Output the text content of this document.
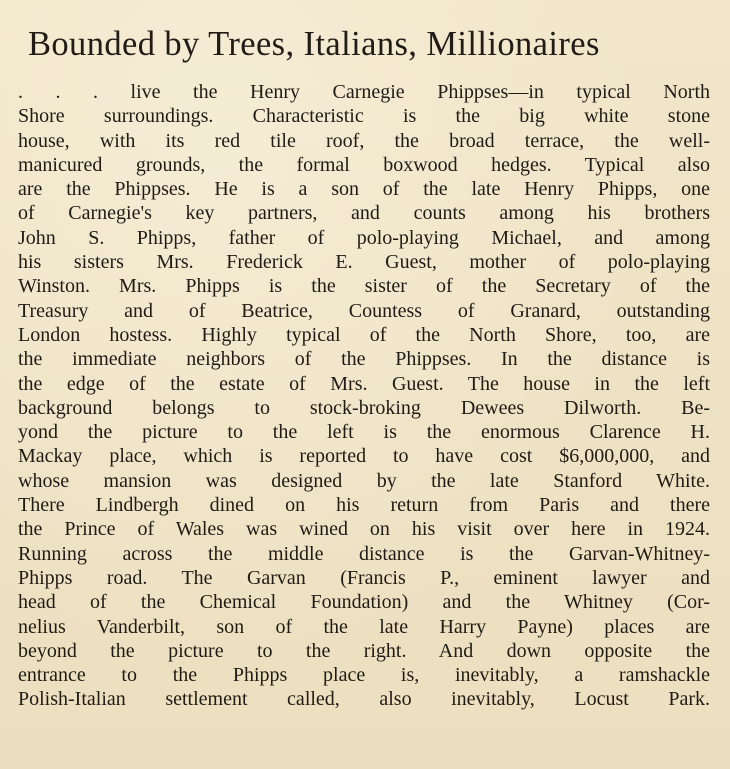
Bounded by Trees, Italians, Millionaires
. . . live the Henry Carnegie Phippses—in typical North
Shore surroundings. Characteristic is the big white stone
house, with its red tile roof, the broad terrace, the well-
manicured grounds, the formal boxwood hedges. Typical also
are the Phippses. He is a son of the late Henry Phipps, one
of Carnegie's key partners, and counts among his brothers
John S. Phipps, father of polo-playing Michael, and among
his sisters Mrs. Frederick E. Guest, mother of polo-playing
Winston. Mrs. Phipps is the sister of the Secretary of the
Treasury and of Beatrice, Countess of Granard, outstanding
London hostess. Highly typical of the North Shore, too, are
the immediate neighbors of the Phippses. In the distance is
the edge of the estate of Mrs. Guest. The house in the left
background belongs to stock-broking Dewees Dilworth. Be-
yond the picture to the left is the enormous Clarence H.
Mackay place, which is reported to have cost $6,000,000, and
whose mansion was designed by the late Stanford White.
There Lindbergh dined on his return from Paris and there
the Prince of Wales was wined on his visit over here in 1924.
Running across the middle distance is the Garvan-Whitney-
Phipps road. The Garvan (Francis P., eminent lawyer and
head of the Chemical Foundation) and the Whitney (Cor-
nelius Vanderbilt, son of the late Harry Payne) places are
beyond the picture to the right. And down opposite the
entrance to the Phipps place is, inevitably, a ramshackle
Polish-Italian settlement called, also inevitably, Locust Park.
